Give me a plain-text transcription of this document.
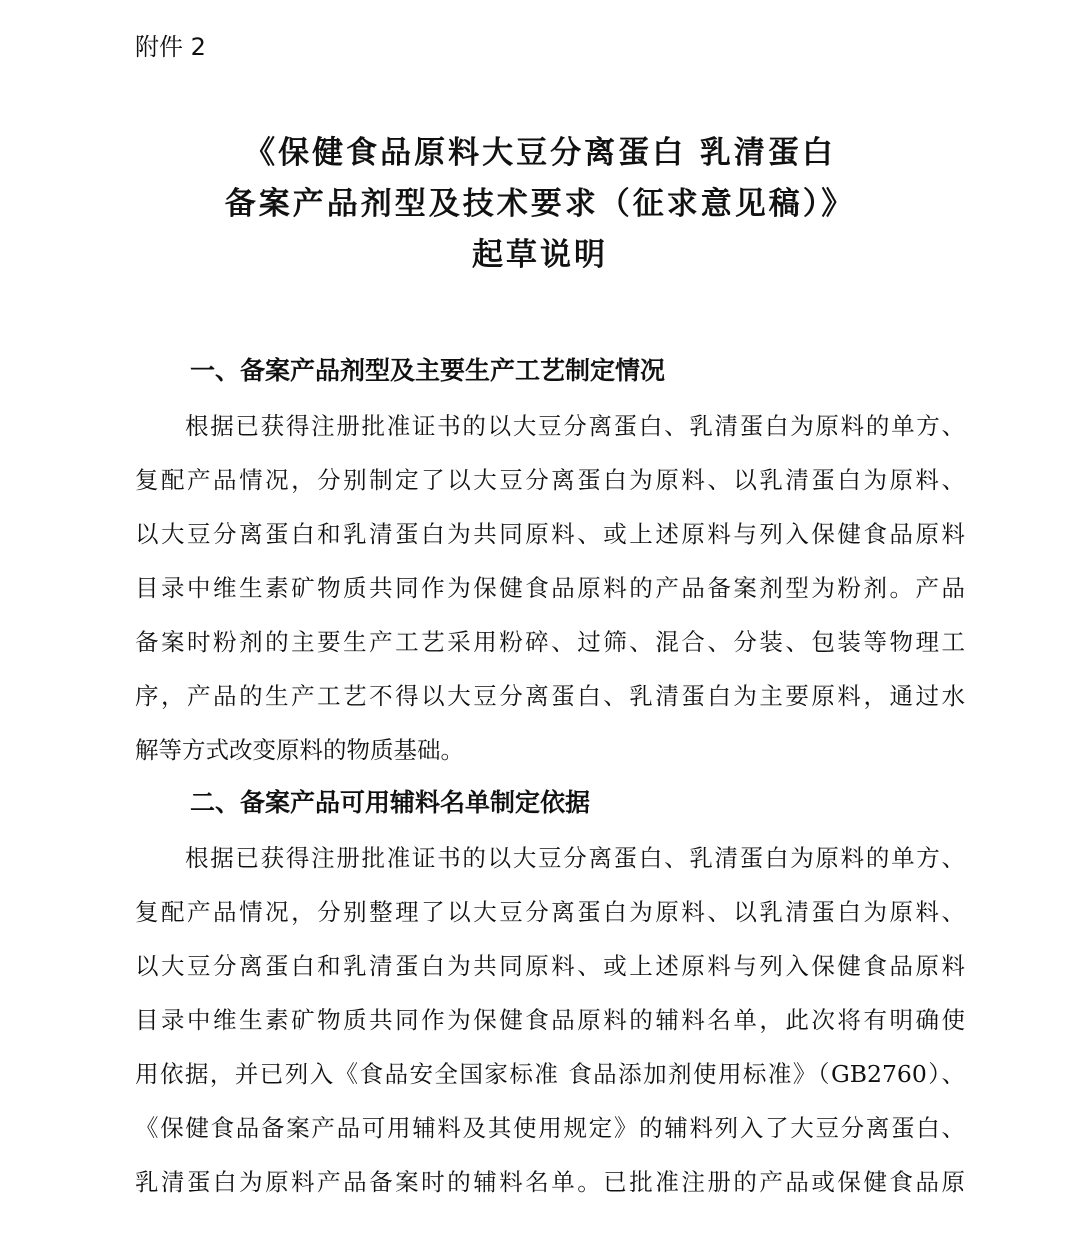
附件 2
《保健食品原料大豆分离蛋白 乳清蛋白
备案产品剂型及技术要求（征求意见稿）》
起草说明
一、备案产品剂型及主要生产工艺制定情况
根据已获得注册批准证书的以大豆分离蛋白、乳清蛋白为原料的单方、
复配产品情况，分别制定了以大豆分离蛋白为原料、以乳清蛋白为原料、
以大豆分离蛋白和乳清蛋白为共同原料、或上述原料与列入保健食品原料
目录中维生素矿物质共同作为保健食品原料的产品备案剂型为粉剂。产品
备案时粉剂的主要生产工艺采用粉碎、过筛、混合、分装、包装等物理工
序，产品的生产工艺不得以大豆分离蛋白、乳清蛋白为主要原料，通过水
解等方式改变原料的物质基础。
二、备案产品可用辅料名单制定依据
根据已获得注册批准证书的以大豆分离蛋白、乳清蛋白为原料的单方、
复配产品情况，分别整理了以大豆分离蛋白为原料、以乳清蛋白为原料、
以大豆分离蛋白和乳清蛋白为共同原料、或上述原料与列入保健食品原料
目录中维生素矿物质共同作为保健食品原料的辅料名单，此次将有明确使
用依据，并已列入《食品安全国家标准 食品添加剂使用标准》（GB2760）、
《保健食品备案产品可用辅料及其使用规定》的辅料列入了大豆分离蛋白、
乳清蛋白为原料产品备案时的辅料名单。已批准注册的产品或保健食品原
